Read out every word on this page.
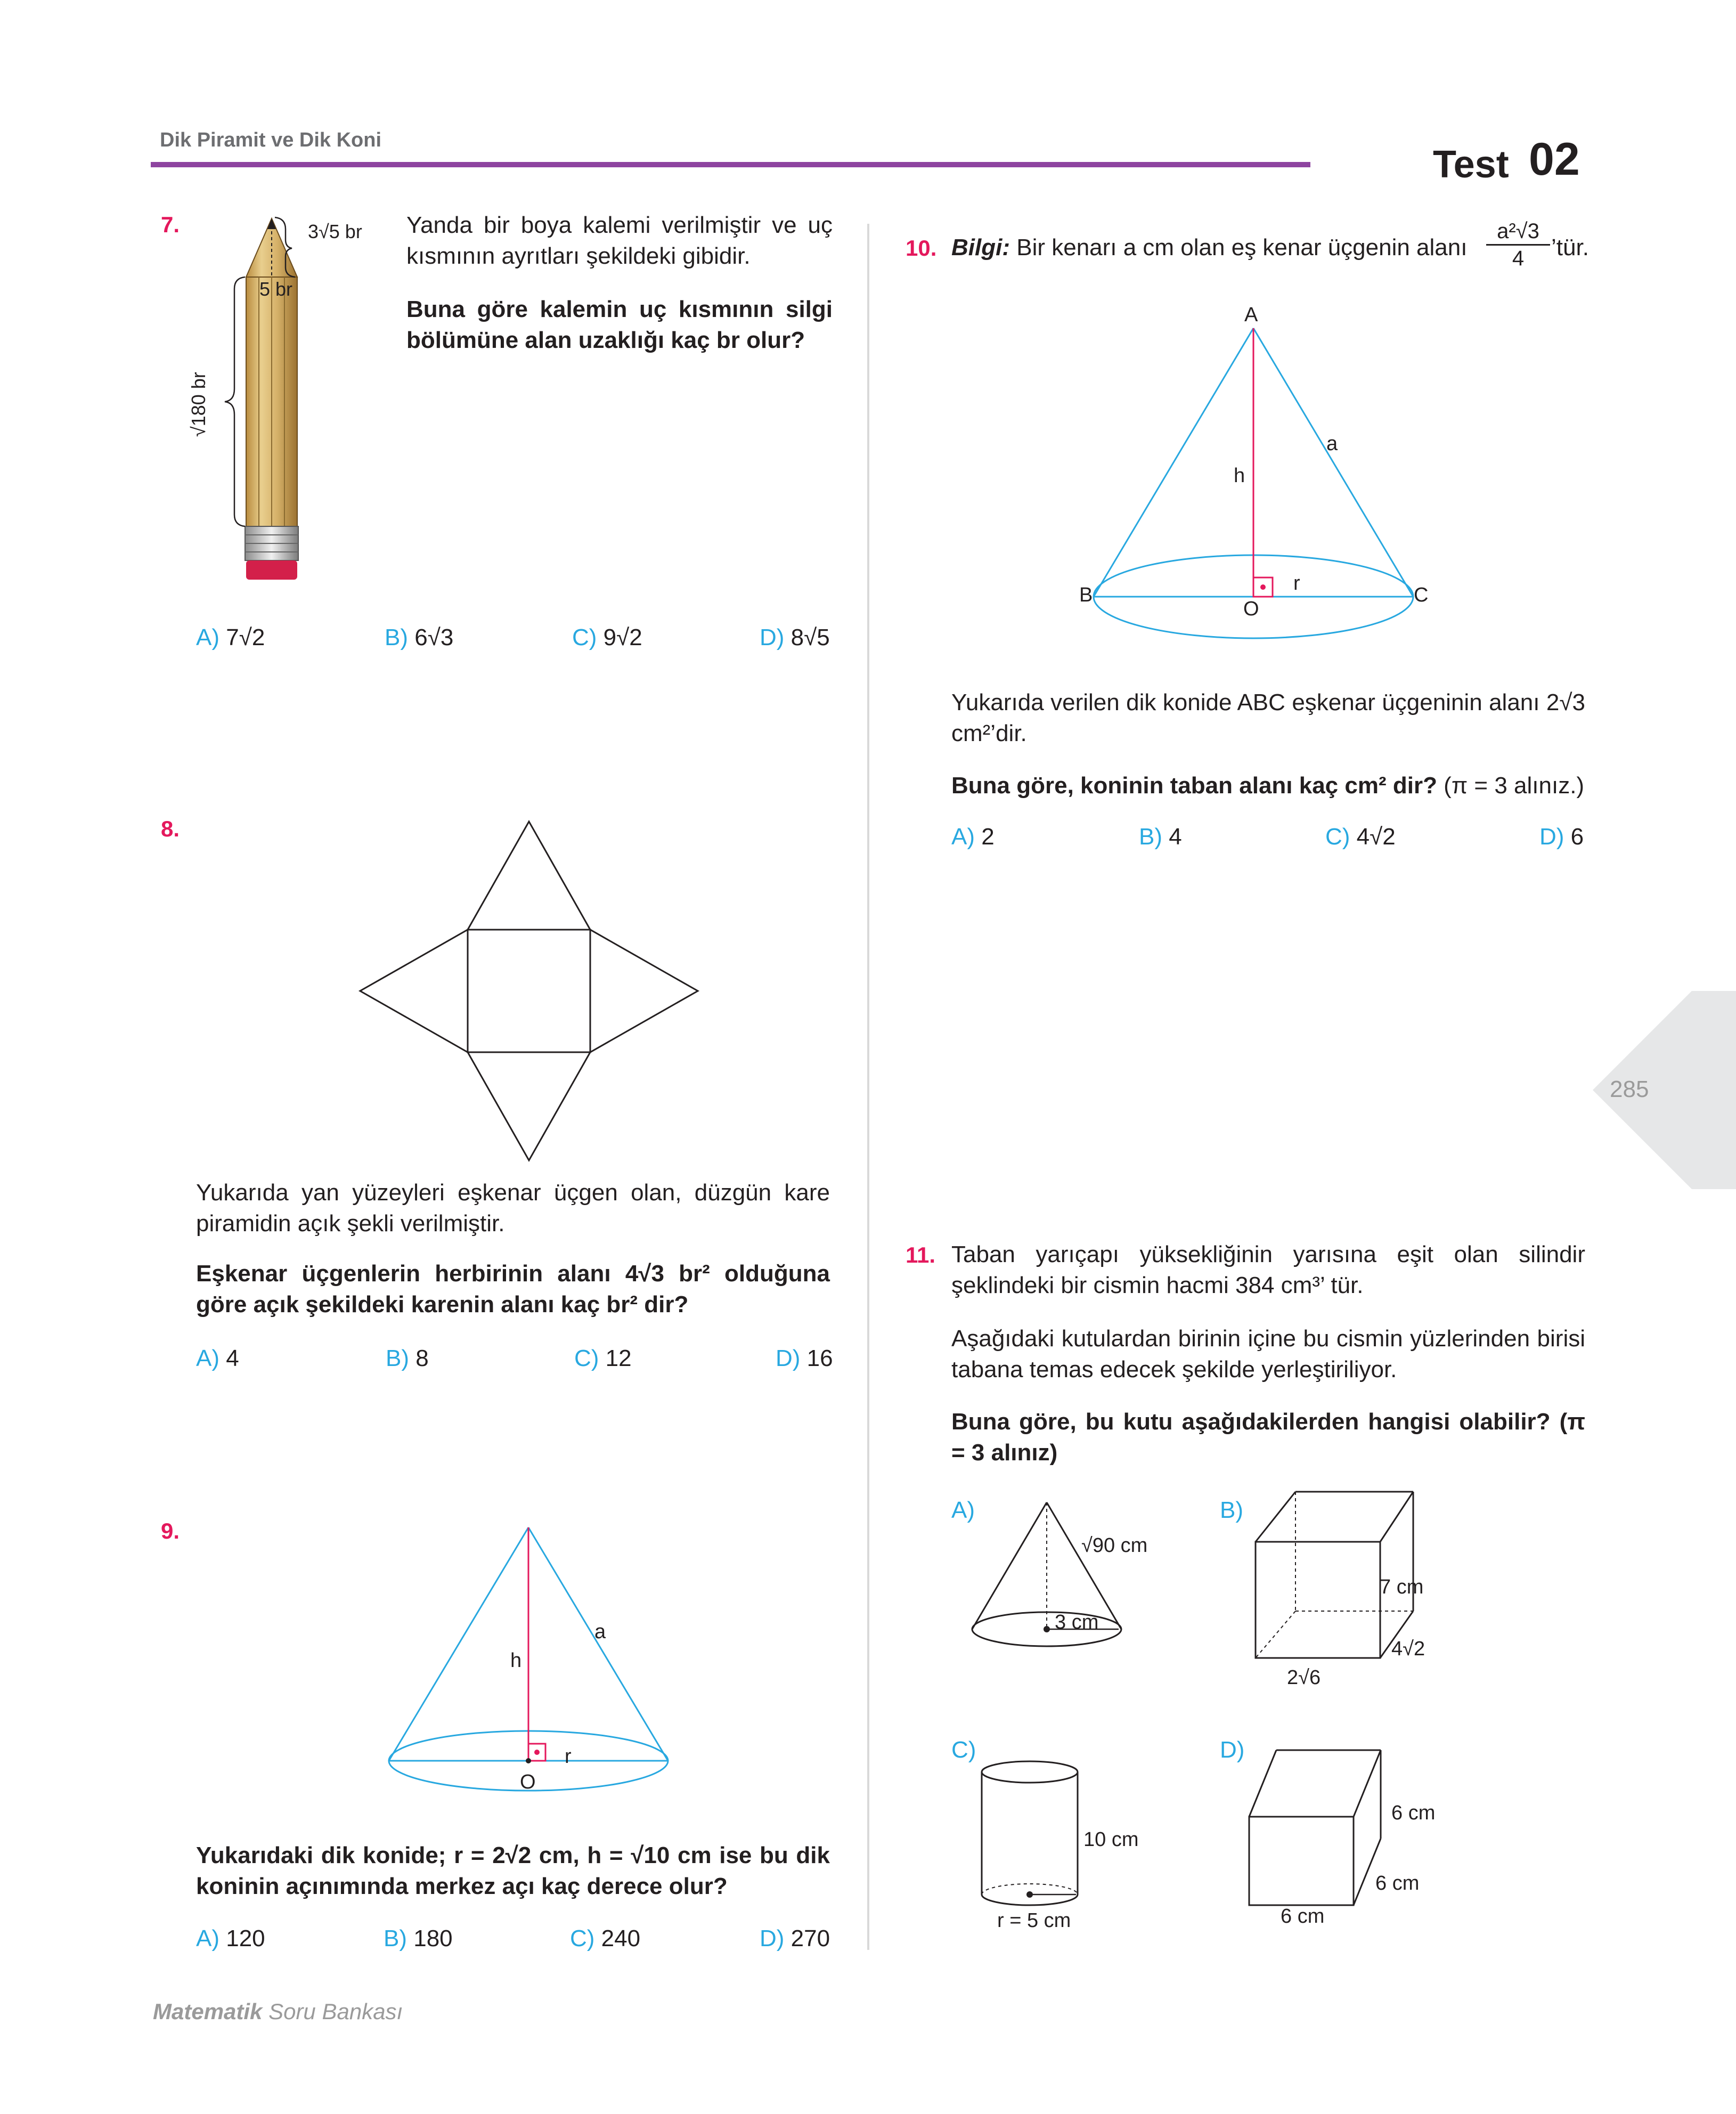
Dik Piramit ve Dik Koni
Test 02
285
7.	3√5 br
5 br
√180 br
Yanda bir boya kalemi verilmiştir ve uç kısmının ayrıtları şekildeki gibidir.
Buna göre kalemin uç kısmının silgi bölümüne alan uzaklığı kaç br olur?
A) 7√2	B) 6√3	C) 9√2	D) 8√5
8.
Yukarıda yan yüzeyleri eşkenar üçgen olan, düzgün kare piramidin açık şekli verilmiştir.
Eşkenar üçgenlerin herbirinin alanı 4√3 br² olduğuna göre açık şekildeki karenin alanı kaç br² dir?
A) 4	B) 8	C) 12	D) 16
9.
h
a
r
O
Yukarıdaki dik konide; r = 2√2 cm, h = √10 cm ise bu dik koninin açınımında merkez açı kaç derece olur?
A) 120	B) 180	C) 240	D) 270
10. Bilgi: Bir kenarı a cm olan eş kenar üçgenin alanı $\frac{\text{a²√3}}{4}$ ’tür.
A
B	C
O
h
a
r
Yukarıda verilen dik konide ABC eşkenar üçgeninin alanı 2√3 cm²’dir.
Buna göre, koninin taban alanı kaç cm² dir? (π = 3 alınız.)
A) 2	B) 4	C) 4√2	D) 6
11. Taban yarıçapı yüksekliğinin yarısına eşit olan silindir şeklindeki bir cismin hacmi 384 cm³’ tür.
Aşağıdaki kutulardan birinin içine bu cismin yüzlerinden birisi tabana temas edecek şekilde yerleştiriliyor.
Buna göre, bu kutu aşağıdakilerden hangisi olabilir? (π = 3 alınız)
A)
√90 cm
3 cm
B)
7 cm
4√2
2√6
C)
10 cm
r = 5 cm
D)
6 cm
6 cm
6 cm
Matematik Soru Bankası
